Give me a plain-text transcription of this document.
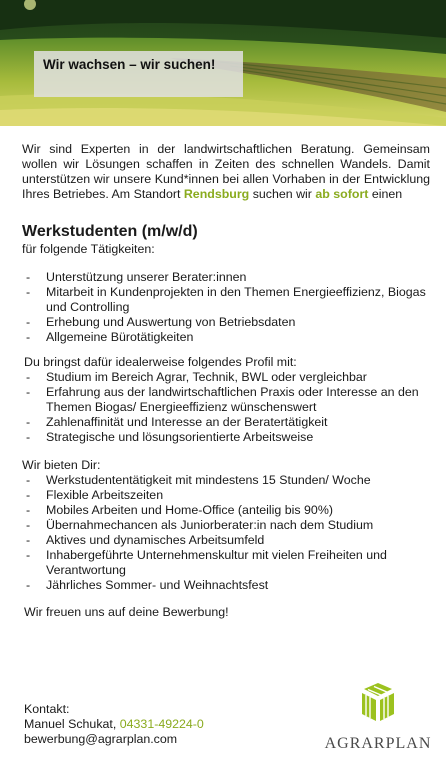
Wir wachsen – wir suchen!

Wir sind Experten in der landwirtschaftlichen Beratung. Gemeinsam wollen wir Lösungen schaffen in Zeiten des schnellen Wandels. Damit unterstützen wir unsere Kund*innen bei allen Vorhaben in der Entwicklung Ihres Betriebes. Am Standort Rendsburg suchen wir ab sofort einen

Werkstudenten (m/w/d)

für folgende Tätigkeiten:

- Unterstützung unserer Berater:innen
- Mitarbeit in Kundenprojekten in den Themen Energieeffizienz, Biogas und Controlling
- Erhebung und Auswertung von Betriebsdaten
- Allgemeine Bürotätigkeiten

Du bringst dafür idealerweise folgendes Profil mit:

- Studium im Bereich Agrar, Technik, BWL oder vergleichbar
- Erfahrung aus der landwirtschaftlichen Praxis oder Interesse an den Themen Biogas/ Energieeffizienz wünschenswert
- Zahlenaffinität und Interesse an der Beratertätigkeit
- Strategische und lösungsorientierte Arbeitsweise

Wir bieten Dir:

- Werkstudententätigkeit mit mindestens 15 Stunden/ Woche
- Flexible Arbeitszeiten
- Mobiles Arbeiten und Home-Office (anteilig bis 90%)
- Übernahmechancen als Juniorberater:in nach dem Studium
- Aktives und dynamisches Arbeitsumfeld
- Inhabergeführte Unternehmenskultur mit vielen Freiheiten und Verantwortung
- Jährliches Sommer- und Weihnachtsfest

Wir freuen uns auf deine Bewerbung!

Kontakt:

Manuel Schukat, 04331-49224-0

bewerbung@agrarplan.com	AGRARPLAN
